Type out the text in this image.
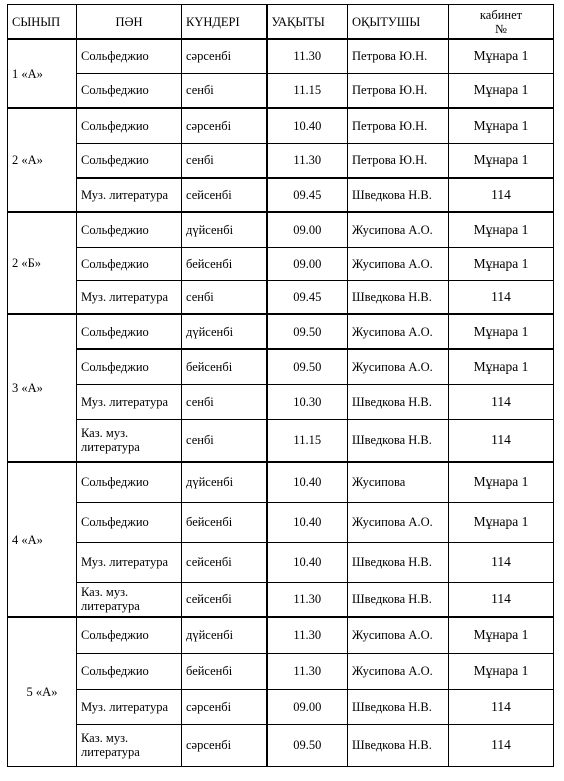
СЫНЫП	ПӘН	КҮНДЕРІ	УАҚЫТЫ	ОҚЫТУШЫ	кабинет
№
1 «А»	Сольфеджио	сәрсенбі	11.30	Петрова Ю.Н.	Мұнара 1
	Сольфеджио	сенбі	11.15	Петрова Ю.Н.	Мұнара 1
2 «А»	Сольфеджио	сәрсенбі	10.40	Петрова Ю.Н.	Мұнара 1
	Сольфеджио	сенбі	11.30	Петрова Ю.Н.	Мұнара 1
	Муз. литература	сейсенбі	09.45	Шведкова Н.В.	114
2 «Б»	Сольфеджио	дүйсенбі	09.00	Жусипова А.О.	Мұнара 1
	Сольфеджио	бейсенбі	09.00	Жусипова А.О.	Мұнара 1
	Муз. литература	сенбі	09.45	Шведкова Н.В.	114
3 «А»	Сольфеджио	дүйсенбі	09.50	Жусипова А.О.	Мұнара 1
	Сольфеджио	бейсенбі	09.50	Жусипова А.О.	Мұнара 1
	Муз. литература	сенбі	10.30	Шведкова Н.В.	114
	Каз. муз. литература	сенбі	11.15	Шведкова Н.В.	114
4 «А»	Сольфеджио	дүйсенбі	10.40	Жусипова	Мұнара 1
	Сольфеджио	бейсенбі	10.40	Жусипова А.О.	Мұнара 1
	Муз. литература	сейсенбі	10.40	Шведкова Н.В.	114
	Каз. муз. литература	сейсенбі	11.30	Шведкова Н.В.	114
5 «А»	Сольфеджио	дүйсенбі	11.30	Жусипова А.О.	Мұнара 1
	Сольфеджио	бейсенбі	11.30	Жусипова А.О.	Мұнара 1
	Муз. литература	сәрсенбі	09.00	Шведкова Н.В.	114
	Каз. муз. литература	сәрсенбі	09.50	Шведкова Н.В.	114
